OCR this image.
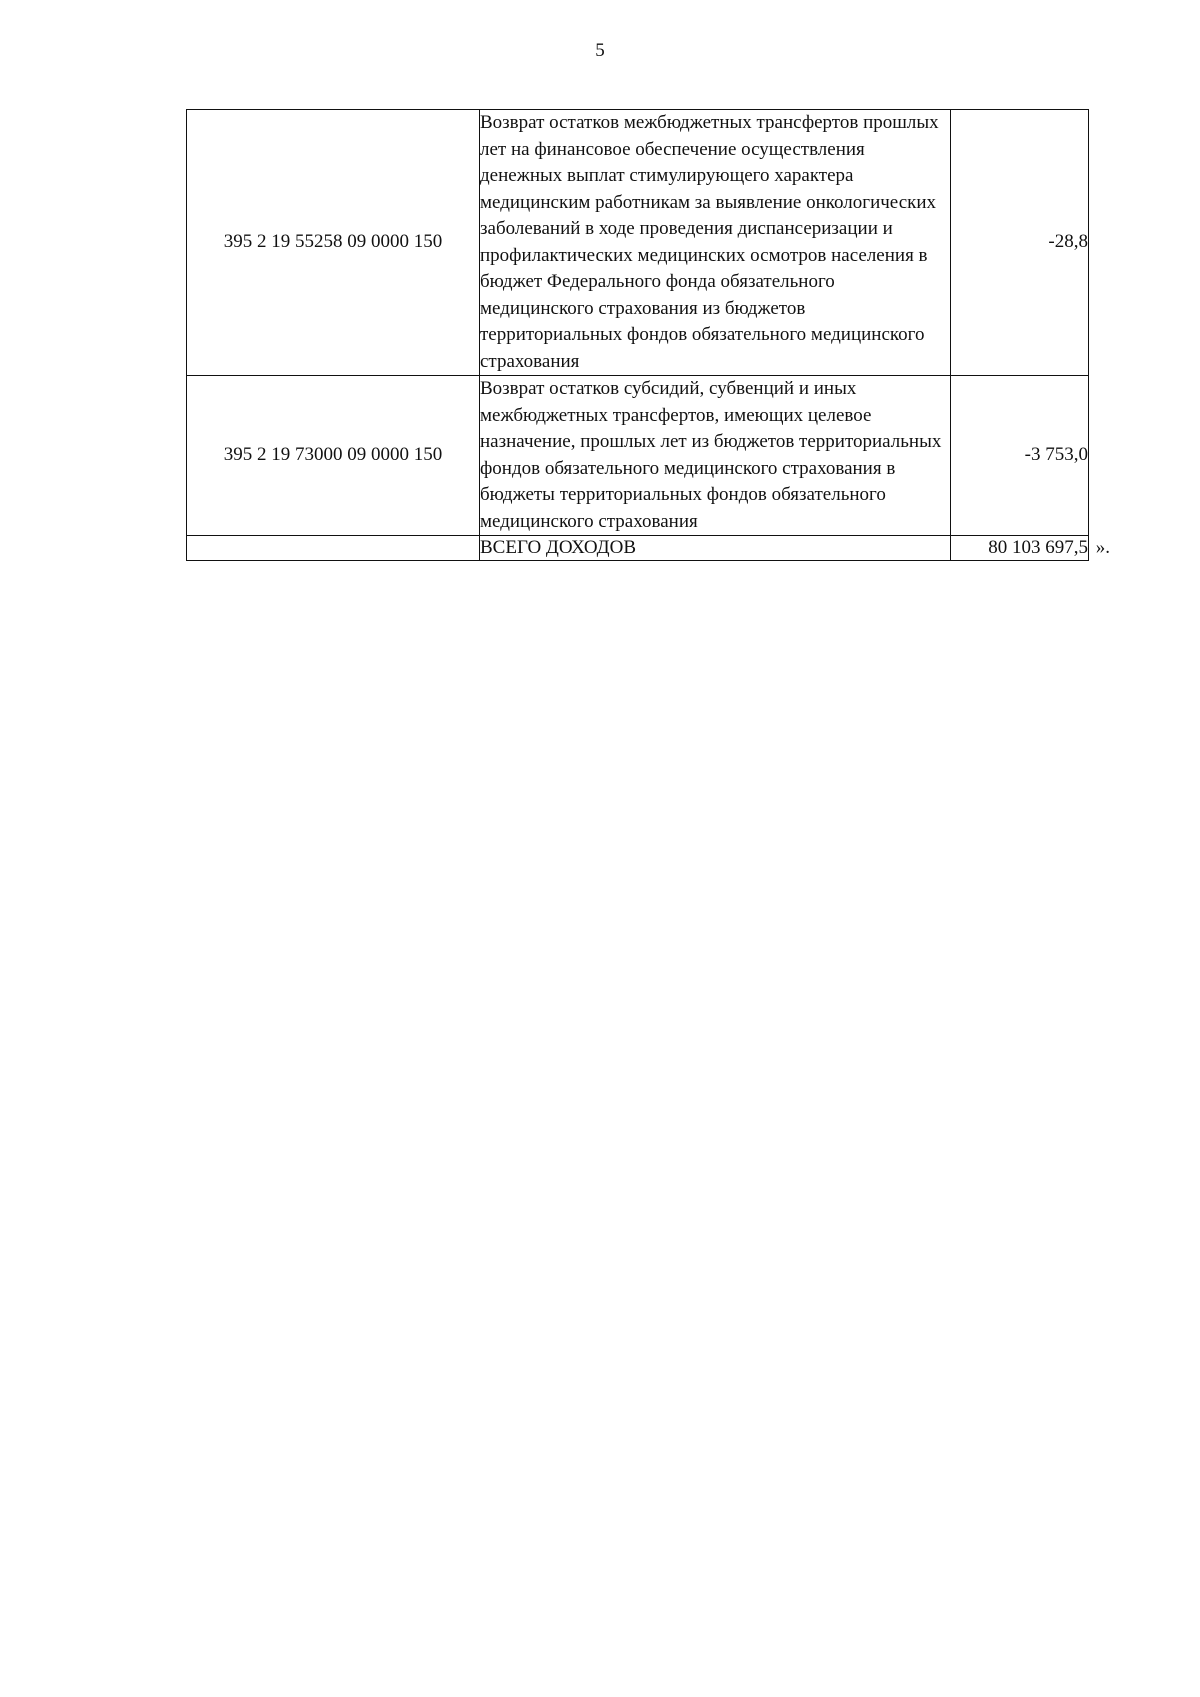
5
395 2 19 55258 09 0000 150	Возврат остатков межбюджетных трансфертов прошлых лет на финансовое обеспечение осуществления денежных выплат стимулирующего характера медицинским работникам за выявление онкологических заболеваний в ходе проведения диспансеризации и профилактических медицинских осмотров населения в бюджет Федерального фонда обязательного медицинского страхования из бюджетов территориальных фондов обязательного медицинского страхования	-28,8
395 2 19 73000 09 0000 150	Возврат остатков субсидий, субвенций и иных межбюджетных трансфертов, имеющих целевое назначение, прошлых лет из бюджетов территориальных фондов обязательного медицинского страхования в бюджеты территориальных фондов обязательного медицинского страхования	-3 753,0
	ВСЕГО ДОХОДОВ	80 103 697,5 ».
